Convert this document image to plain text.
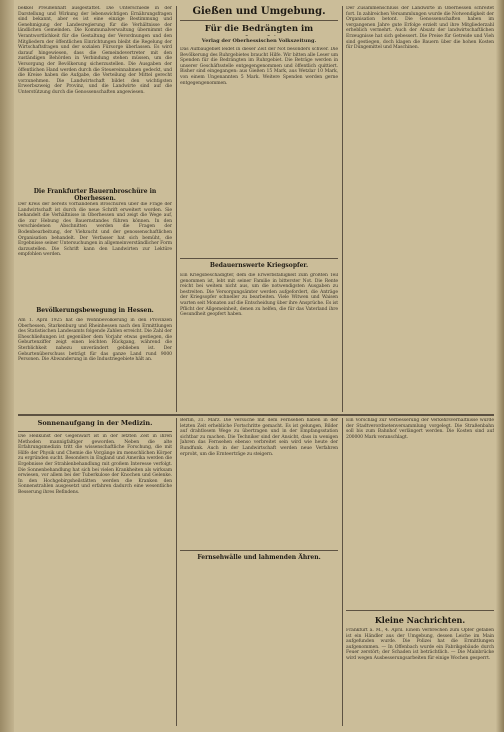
bekkel Preußenhaft ausgestattet. Die Unterschiede in der Darstellung und Wirkung der lebenswichtigen Ernährungsfragen sind bekannt, aber es ist eine einzige Bestimmung und Genehmigung der Landesregierung für die Verhältnisse der ländlichen Gemeinden. Die Kommunalverwaltung übernimmt die Verantwortlichkeit für die Gestaltung der Verordnungen und den Mitgliedern der öffentlichen Einrichtungen bleibt die Regelung der Wirtschaftsfragen und der sozialen Fürsorge überlassen. Es wird darauf hingewiesen, dass die Gemeindevertreter mit den zuständigen Behörden in Verbindung stehen müssen, um die Versorgung der Bevölkerung sicherzustellen. Die Ausgaben der öffentlichen Hand werden durch die Steuereinnahmen gedeckt, und die Kreise haben die Aufgabe, die Verteilung der Mittel gerecht vorzunehmen. Die Landwirtschaft bildet den wichtigsten Erwerbszweig der Provinz, und die Landwirte sind auf die Unterstützung durch die Genossenschaften angewiesen.
Die Frankfurter Bauernbroschüre in Oberhessen.
Der Kreis der bereits vorhandenen Broschüren über die Frage der Landwirtschaft ist durch die neue Schrift erweitert worden. Sie behandelt die Verhältnisse in Oberhessen und zeigt die Wege auf, die zur Hebung des Bauernstandes führen können. In den verschiedenen Abschnitten werden die Fragen der Bodenbearbeitung, der Viehzucht und der genossenschaftlichen Organisation behandelt. Der Verfasser hat sich bemüht, die Ergebnisse seiner Untersuchungen in allgemeinverständlicher Form darzustellen. Die Schrift kann den Landwirten zur Lektüre empfohlen werden.
Bevölkerungsbewegung in Hessen.
Am 1. April 1925 hat die Wohnbevölkerung in den Provinzen Oberhessen, Starkenburg und Rheinhessen nach den Ermittlungen des Statistischen Landesamts folgende Zahlen erreicht. Die Zahl der Eheschließungen ist gegenüber dem Vorjahr etwas gestiegen, die Geburtenziffer zeigt einen leichten Rückgang, während die Sterblichkeit nahezu unverändert geblieben ist. Der Geburtenüberschuss beträgt für das ganze Land rund 9000 Personen. Die Abwanderung in die Industriegebiete hält an.
Gießen und Umgebung.
Für die Bedrängten im
Verlag der Oberhessischen Volkszeitung.
Das Aufbaugebiet leidet in dieser Zeit der Not besonders schwer. Die Bevölkerung des Ruhrgebietes braucht Hilfe. Wir bitten alle Leser um Spenden für die Bedrängten im Ruhrgebiet. Die Beträge werden in unserer Geschäftsstelle entgegengenommen und öffentlich quittiert. Bisher sind eingegangen: aus Gießen 15 Mark, aus Wetzlar 10 Mark, von einem Ungenannten 5 Mark. Weitere Spenden werden gerne entgegengenommen.
Bedauernswerte Kriegsopfer.
Ein Kriegsbeschädigter, dem die Erwerbsfähigkeit zum größten Teil genommen ist, lebt mit seiner Familie in bitterster Not. Die Rente reicht bei weitem nicht aus, um die notwendigsten Ausgaben zu bestreiten. Die Versorgungsämter werden aufgefordert, die Anträge der Kriegsopfer schneller zu bearbeiten. Viele Witwen und Waisen warten seit Monaten auf die Entscheidung über ihre Ansprüche. Es ist Pflicht der Allgemeinheit, denen zu helfen, die für das Vaterland ihre Gesundheit geopfert haben.
Der Zusammenschluss der Landwirte in Oberhessen schreitet fort. In zahlreichen Versammlungen wurde die Notwendigkeit der Organisation betont. Die Genossenschaften haben im vergangenen Jahre gute Erfolge erzielt und ihre Mitgliederzahl erheblich vermehrt. Auch der Absatz der landwirtschaftlichen Erzeugnisse hat sich gebessert. Die Preise für Getreide und Vieh sind gestiegen, doch klagen die Bauern über die hohen Kosten für Düngemittel und Maschinen.
Sonnenaufgang in der Medizin.
Die Heilkunst der Gegenwart ist in der letzten Zeit in ihren Methoden mannigfaltiger geworden. Neben die alte Erfahrungsmedizin tritt die wissenschaftliche Forschung, die mit Hilfe der Physik und Chemie die Vorgänge im menschlichen Körper zu ergründen sucht. Besonders in England und Amerika werden die Ergebnisse der Strahlenbehandlung mit großem Interesse verfolgt. Die Sonnenbehandlung hat sich bei vielen Krankheiten als wirksam erwiesen, vor allem bei der Tuberkulose der Knochen und Gelenke. In den Hochgebirgsheilstätten werden die Kranken den Sonnenstrahlen ausgesetzt und erfahren dadurch eine wesentliche Besserung ihres Befindens.
Berlin, 31. März. Die Versuche mit dem Fernsehen haben in der letzten Zeit erhebliche Fortschritte gemacht. Es ist gelungen, Bilder auf drahtlosem Wege zu übertragen und in der Empfangsstation sichtbar zu machen. Die Techniker sind der Ansicht, dass in wenigen Jahren das Fernsehen ebenso verbreitet sein wird wie heute der Rundfunk. Auch in der Landwirtschaft werden neue Verfahren erprobt, um die Ernteerträge zu steigern.
Fernsehwälle und lahmenden Ähren.
Ein Vorschlag zur Verbesserung der Verkehrsverhältnisse wurde der Stadtverordnetenversammlung vorgelegt. Die Straßenbahn soll bis zum Bahnhof verlängert werden. Die Kosten sind auf 200000 Mark veranschlagt.
Kleine Nachrichten.
Frankfurt a. M., 4. April. Einem Verbrechen zum Opfer gefallen ist ein Händler aus der Umgebung, dessen Leiche im Main aufgefunden wurde. Die Polizei hat die Ermittlungen aufgenommen. — In Offenbach wurde ein Fabrikgebäude durch Feuer zerstört; der Schaden ist beträchtlich. — Die Mainbrücke wird wegen Ausbesserungsarbeiten für einige Wochen gesperrt.
